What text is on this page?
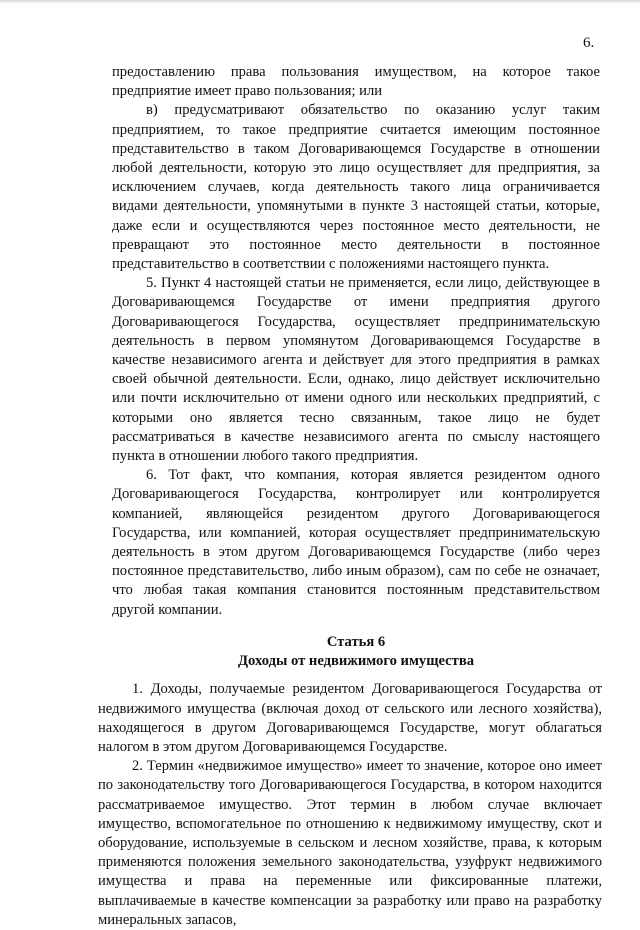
6.

предоставлению права пользования имуществом, на которое такое предприятие имеет право пользования; или

в) предусматривают обязательство по оказанию услуг таким предприятием, то такое предприятие считается имеющим постоянное представительство в таком Договаривающемся Государстве в отношении любой деятельности, которую это лицо осуществляет для предприятия, за исключением случаев, когда деятельность такого лица ограничивается видами деятельности, упомянутыми в пункте 3 настоящей статьи, которые, даже если и осуществляются через постоянное место деятельности, не превращают это постоянное место деятельности в постоянное представительство в соответствии с положениями настоящего пункта.

5. Пункт 4 настоящей статьи не применяется, если лицо, действующее в Договаривающемся Государстве от имени предприятия другого Договаривающегося Государства, осуществляет предпринимательскую деятельность в первом упомянутом Договаривающемся Государстве в качестве независимого агента и действует для этого предприятия в рамках своей обычной деятельности. Если, однако, лицо действует исключительно или почти исключительно от имени одного или нескольких предприятий, с которыми оно является тесно связанным, такое лицо не будет рассматриваться в качестве независимого агента по смыслу настоящего пункта в отношении любого такого предприятия.

6. Тот факт, что компания, которая является резидентом одного Договаривающегося Государства, контролирует или контролируется компанией, являющейся резидентом другого Договаривающегося Государства, или компанией, которая осуществляет предпринимательскую деятельность в этом другом Договаривающемся Государстве (либо через постоянное представительство, либо иным образом), сам по себе не означает, что любая такая компания становится постоянным представительством другой компании.

Статья 6
Доходы от недвижимого имущества

1. Доходы, получаемые резидентом Договаривающегося Государства от недвижимого имущества (включая доход от сельского или лесного хозяйства), находящегося в другом Договаривающемся Государстве, могут облагаться налогом в этом другом Договаривающемся Государстве.

2. Термин «недвижимое имущество» имеет то значение, которое оно имеет по законодательству того Договаривающегося Государства, в котором находится рассматриваемое имущество. Этот термин в любом случае включает имущество, вспомогательное по отношению к недвижимому имуществу, скот и оборудование, используемые в сельском и лесном хозяйстве, права, к которым применяются положения земельного законодательства, узуфрукт недвижимого имущества и права на переменные или фиксированные платежи, выплачиваемые в качестве компенсации за разработку или право на разработку минеральных запасов,
